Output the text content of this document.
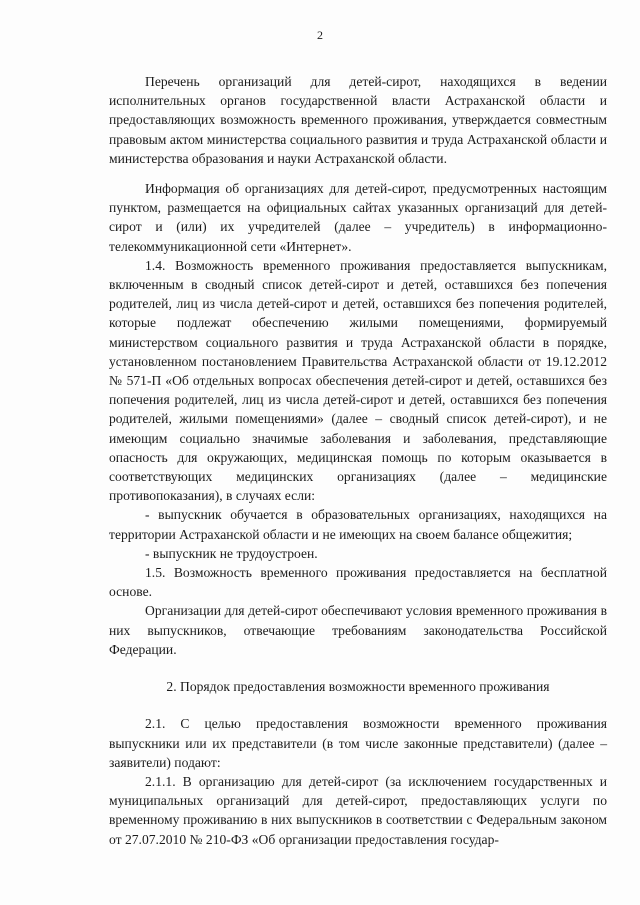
2

Перечень организаций для детей-сирот, находящихся в ведении исполнительных органов государственной власти Астраханской области и предоставляющих возможность временного проживания, утверждается совместным правовым актом министерства социального развития и труда Астраханской области и министерства образования и науки Астраханской области.

Информация об организациях для детей-сирот, предусмотренных настоящим пунктом, размещается на официальных сайтах указанных организаций для детей-сирот и (или) их учредителей (далее – учредитель) в информационно-телекоммуникационной сети «Интернет».

1.4. Возможность временного проживания предоставляется выпускникам, включенным в сводный список детей-сирот и детей, оставшихся без попечения родителей, лиц из числа детей-сирот и детей, оставшихся без попечения родителей, которые подлежат обеспечению жилыми помещениями, формируемый министерством социального развития и труда Астраханской области в порядке, установленном постановлением Правительства Астраханской области от 19.12.2012 № 571-П «Об отдельных вопросах обеспечения детей-сирот и детей, оставшихся без попечения родителей, лиц из числа детей-сирот и детей, оставшихся без попечения родителей, жилыми помещениями» (далее – сводный список детей-сирот), и не имеющим социально значимые заболевания и заболевания, представляющие опасность для окружающих, медицинская помощь по которым оказывается в соответствующих медицинских организациях (далее – медицинские противопоказания), в случаях если:

- выпускник обучается в образовательных организациях, находящихся на территории Астраханской области и не имеющих на своем балансе общежития;

- выпускник не трудоустроен.

1.5. Возможность временного проживания предоставляется на бесплатной основе.

Организации для детей-сирот обеспечивают условия временного проживания в них выпускников, отвечающие требованиям законодательства Российской Федерации.

2. Порядок предоставления возможности временного проживания

2.1. С целью предоставления возможности временного проживания выпускники или их представители (в том числе законные представители) (далее – заявители) подают:

2.1.1. В организацию для детей-сирот (за исключением государственных и муниципальных организаций для детей-сирот, предоставляющих услуги по временному проживанию в них выпускников в соответствии с Федеральным законом от 27.07.2010 № 210-ФЗ «Об организации предоставления государ-
